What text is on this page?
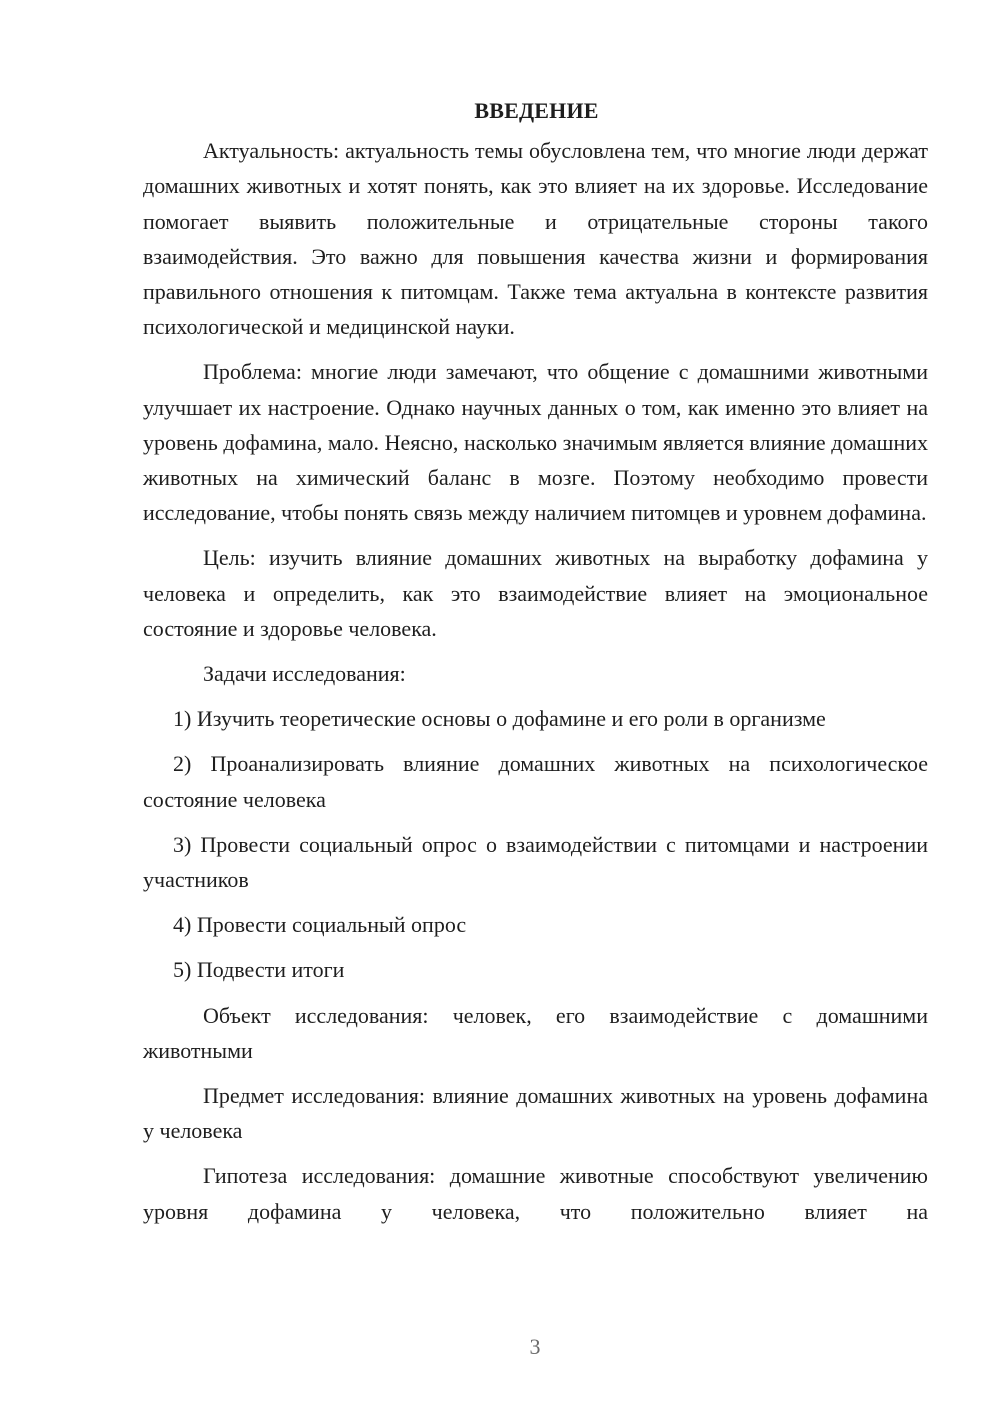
ВВЕДЕНИЕ

Актуальность: актуальность темы обусловлена тем, что многие люди держат домашних животных и хотят понять, как это влияет на их здоровье. Исследование помогает выявить положительные и отрицательные стороны такого взаимодействия. Это важно для повышения качества жизни и формирования правильного отношения к питомцам. Также тема актуальна в контексте развития психологической и медицинской науки.

Проблема: многие люди замечают, что общение с домашними животными улучшает их настроение. Однако научных данных о том, как именно это влияет на уровень дофамина, мало. Неясно, насколько значимым является влияние домашних животных на химический баланс в мозге. Поэтому необходимо провести исследование, чтобы понять связь между наличием питомцев и уровнем дофамина.

Цель: изучить влияние домашних животных на выработку дофамина у человека и определить, как это взаимодействие влияет на эмоциональное состояние и здоровье человека.

Задачи исследования:

1) Изучить теоретические основы о дофамине и его роли в организме

2) Проанализировать влияние домашних животных на психологическое состояние человека

3) Провести социальный опрос о взаимодействии с питомцами и настроении участников

4) Провести социальный опрос

5) Подвести итоги

Объект исследования: человек, его взаимодействие с домашними животными

Предмет исследования: влияние домашних животных на уровень дофамина у человека

Гипотеза исследования: домашние животные способствуют увеличению уровня дофамина у человека, что положительно влияет на

3
